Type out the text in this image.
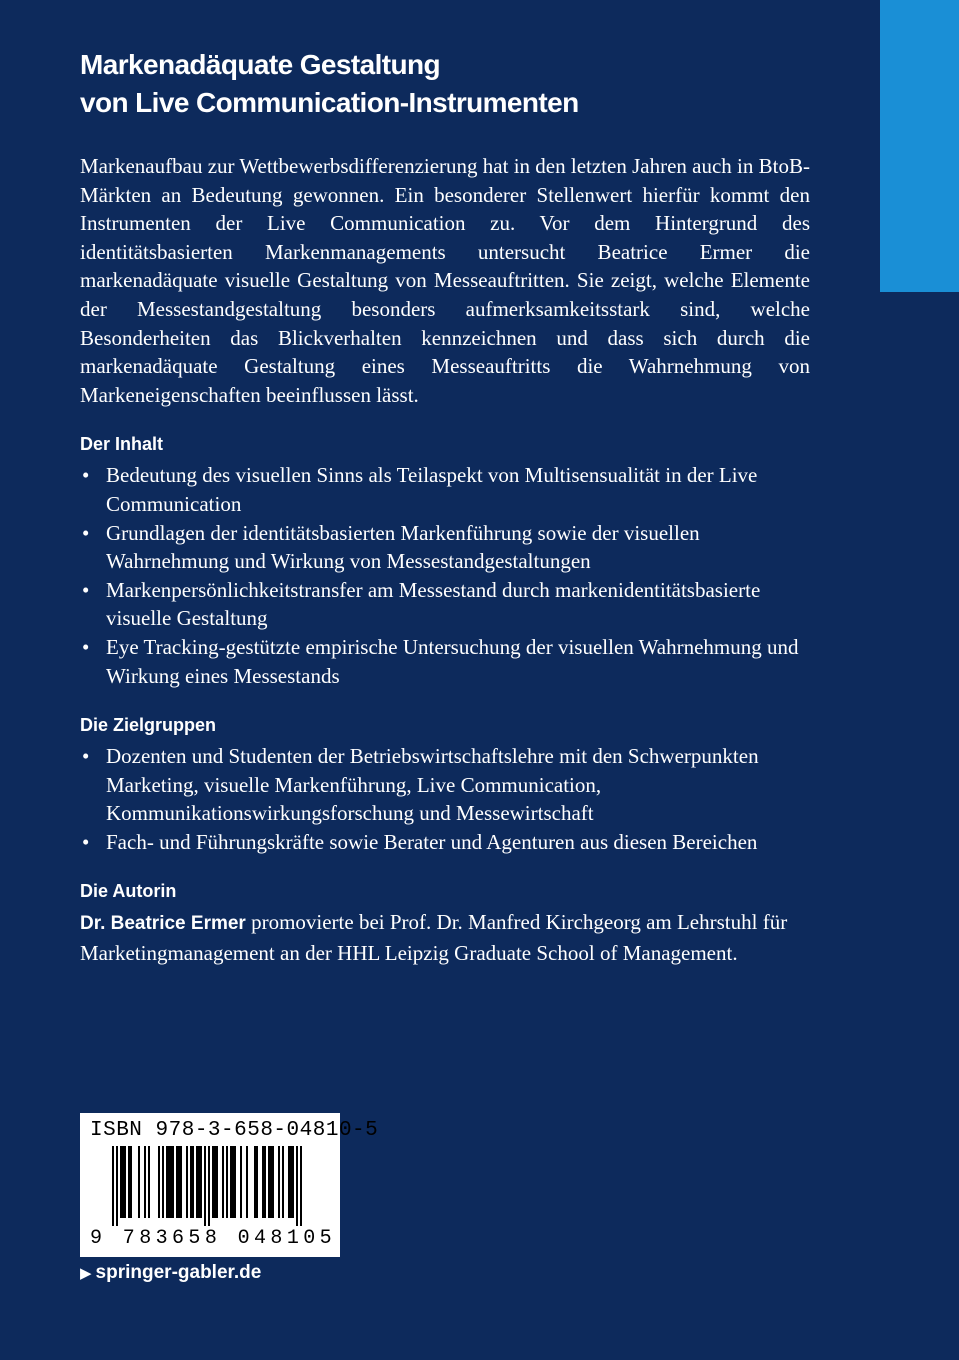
Markenadäquate Gestaltung
von Live Communication-Instrumenten

Markenaufbau zur Wettbewerbsdifferenzierung hat in den letzten Jahren auch in BtoB-Märkten an Bedeutung gewonnen. Ein besonderer Stellenwert hierfür kommt den Instrumenten der Live Communication zu. Vor dem Hintergrund des identitätsbasierten Markenmanagements untersucht Beatrice Ermer die markenadäquate visuelle Gestaltung von Messeauftritten. Sie zeigt, welche Elemente der Messestandgestaltung besonders aufmerksamkeitsstark sind, welche Besonderheiten das Blickverhalten kennzeichnen und dass sich durch die markenadäquate Gestaltung eines Messeauftritts die Wahrnehmung von Markeneigenschaften beeinflussen lässt.

Der Inhalt
• Bedeutung des visuellen Sinns als Teilaspekt von Multisensualität in der Live Communication
• Grundlagen der identitätsbasierten Markenführung sowie der visuellen Wahrnehmung und Wirkung von Messestandgestaltungen
• Markenpersönlichkeitstransfer am Messestand durch markenidentitätsbasierte visuelle Gestaltung
• Eye Tracking-gestützte empirische Untersuchung der visuellen Wahrnehmung und Wirkung eines Messestands
Die Zielgruppen
• Dozenten und Studenten der Betriebswirtschaftslehre mit den Schwerpunkten Marketing, visuelle Markenführung, Live Communication, Kommunikationswirkungsforschung und Messewirtschaft
• Fach- und Führungskräfte sowie Berater und Agenturen aus diesen Bereichen
Die Autorin

Dr. Beatrice Ermer promovierte bei Prof. Dr. Manfred Kirchgeorg am Lehrstuhl für Marketingmanagement an der HHL Leipzig Graduate School of Management.

ISBN 978-3-658-04810-5
9 783658 048105
▶ springer-gabler.de
